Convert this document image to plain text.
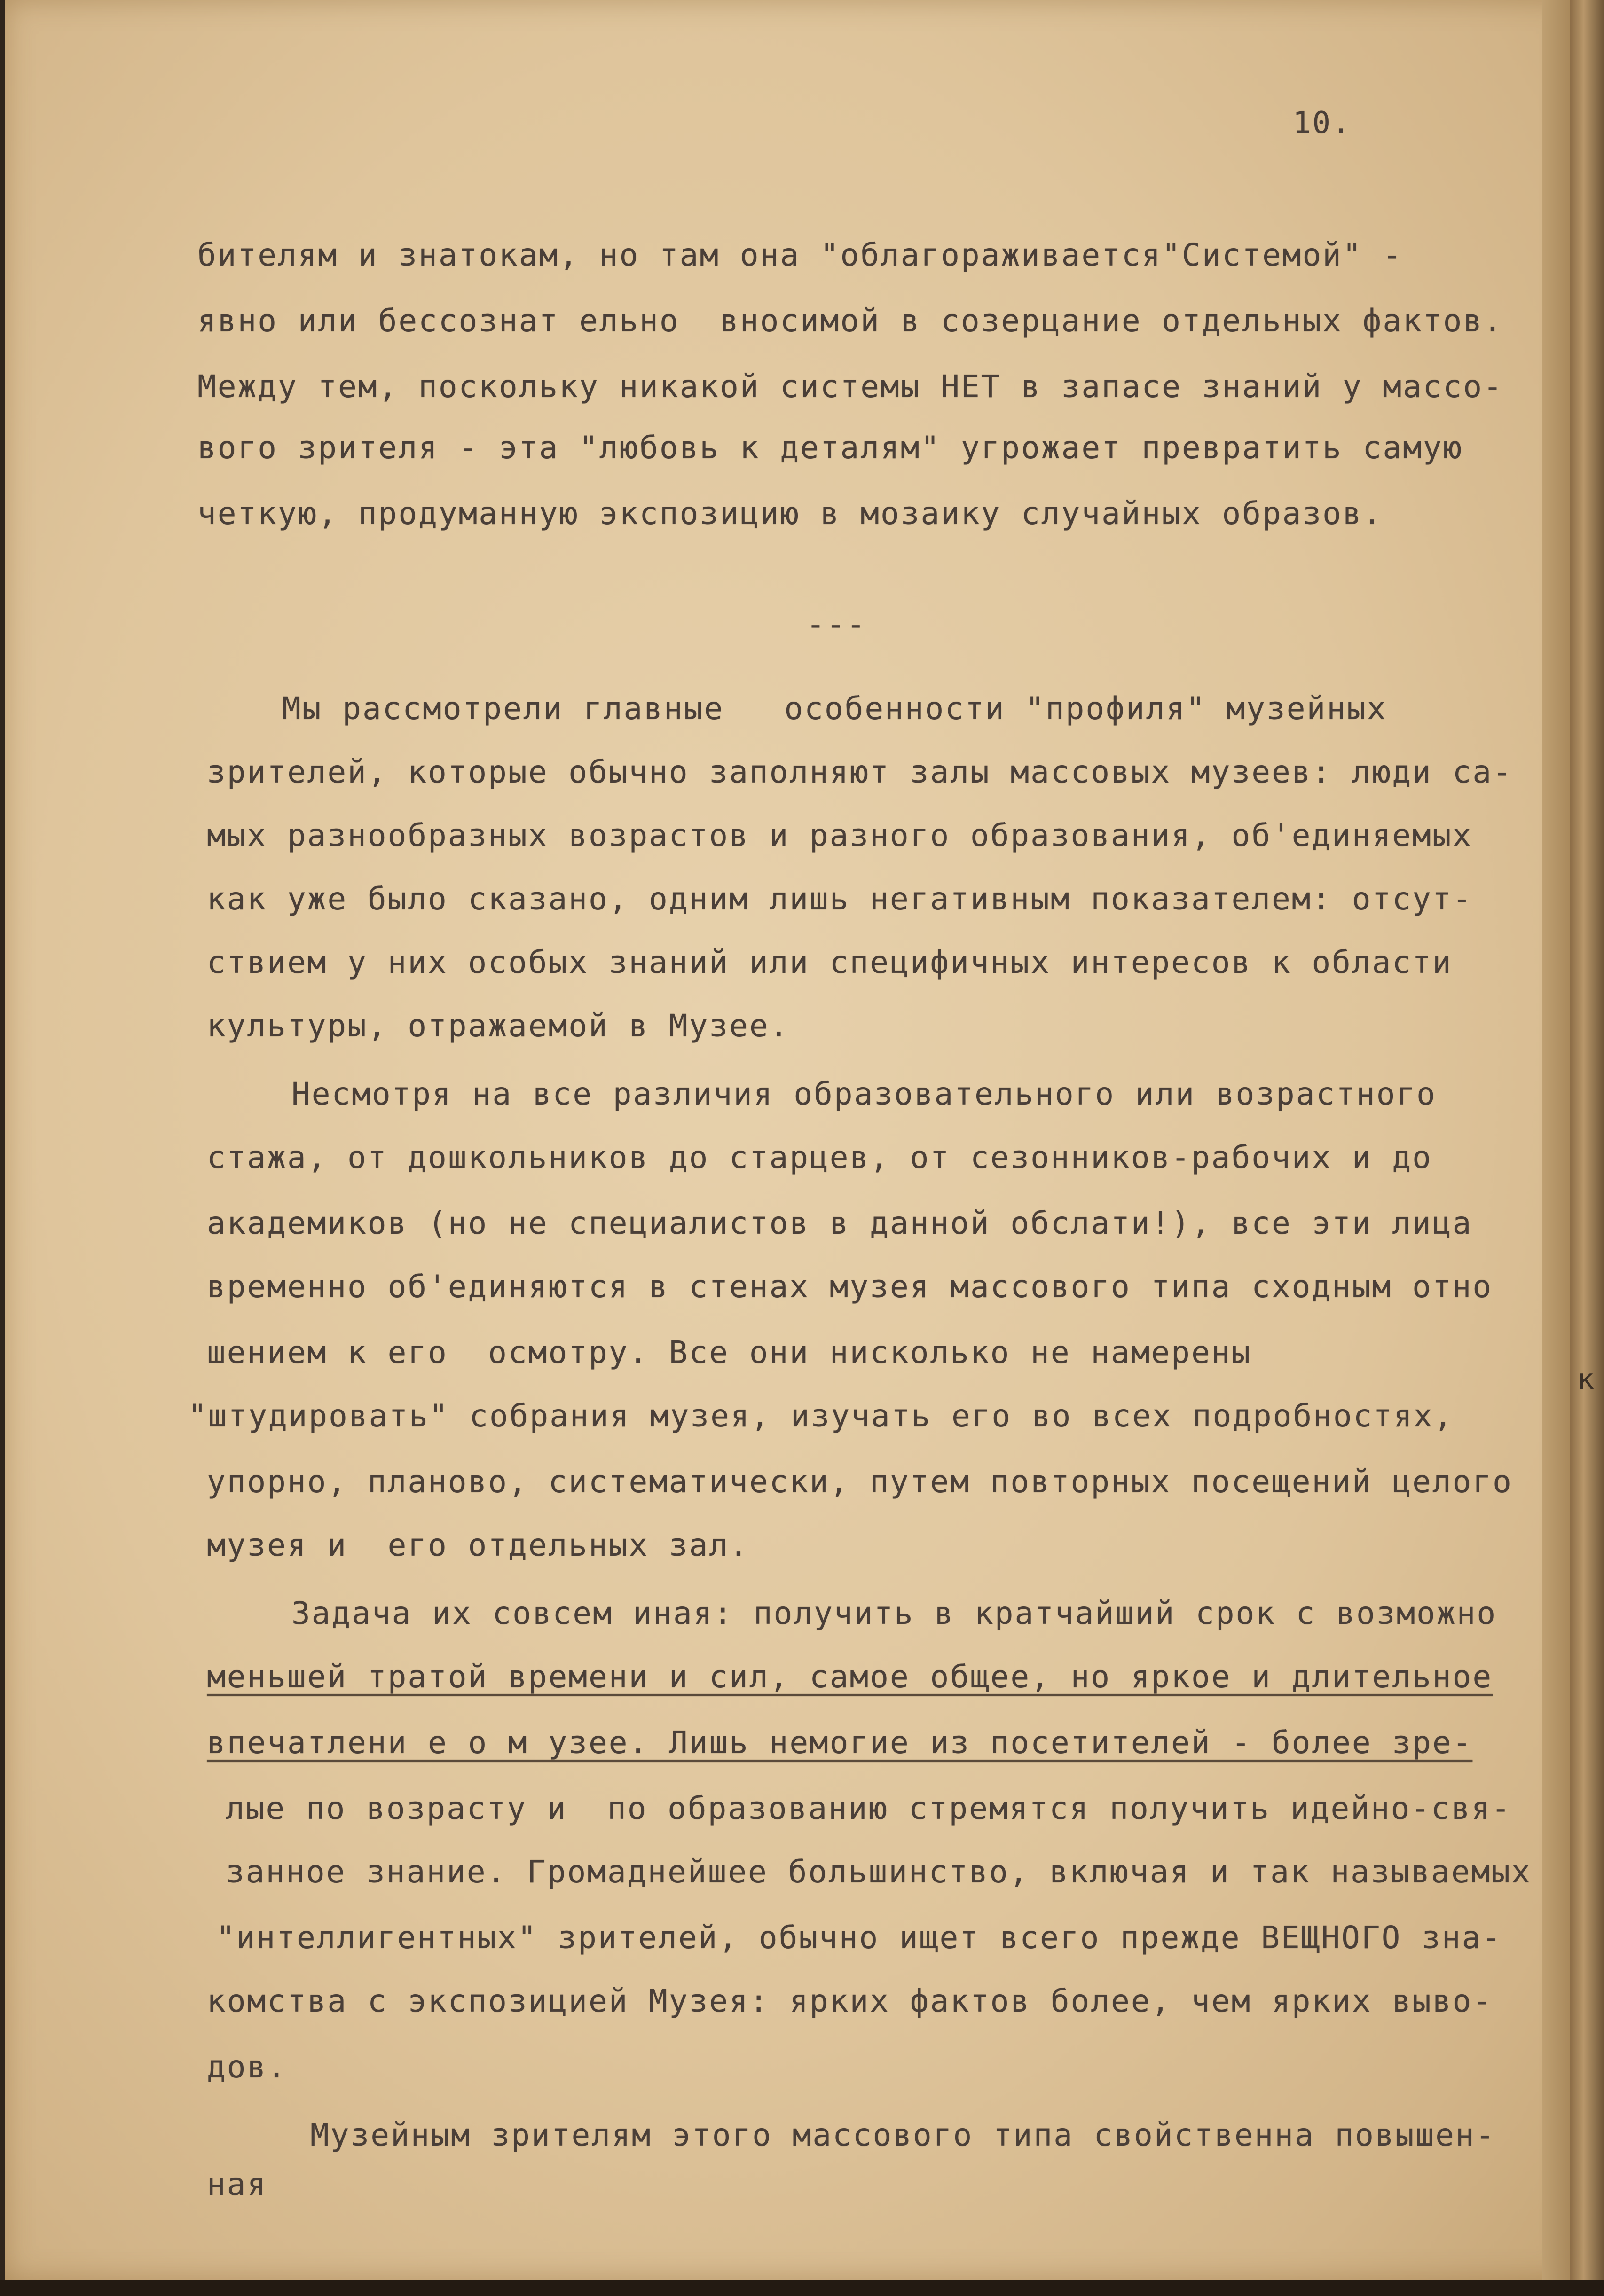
10.
бителям и знатокам, но там она "облагораживается"Системой" -
явно или бессознат ельно  вносимой в созерцание отдельных фактов.
Между тем, поскольку никакой системы НЕТ в запасе знаний у массо-
вого зрителя - эта "любовь к деталям" угрожает превратить самую
четкую, продуманную экспозицию в мозаику случайных образов.
---
Мы рассмотрели главные   особенности "профиля" музейных
зрителей, которые обычно заполняют залы массовых музеев: люди са-
мых разнообразных возрастов и разного образования, об'единяемых
как уже было сказано, одним лишь негативным показателем: отсут-
ствием у них особых знаний или специфичных интересов к области
культуры, отражаемой в Музее.
Несмотря на все различия образовательного или возрастного
стажа, от дошкольников до старцев, от сезонников-рабочих и до
академиков (но не специалистов в данной обслати!), все эти лица
временно об'единяются в стенах музея массового типа сходным отно
шением к его  осмотру. Все они нисколько не намерены
"штудировать" собрания музея, изучать его во всех подробностях,
упорно, планово, систематически, путем повторных посещений целого
музея и  его отдельных зал.
Задача их совсем иная: получить в кратчайший срок с возможно
меньшей тратой времени и сил, самое общее, но яркое и длительное
впечатлени е о м узее. Лишь немогие из посетителей - более зре-
лые по возрасту и  по образованию стремятся получить идейно-свя-
занное знание. Громаднейшее большинство, включая и так называемых
"интеллигентных" зрителей, обычно ищет всего прежде ВЕЩНОГО зна-
комства с экспозицией Музея: ярких фактов более, чем ярких выво-
дов.
Музейным зрителям этого массового типа свойственна повышен-
ная
к
